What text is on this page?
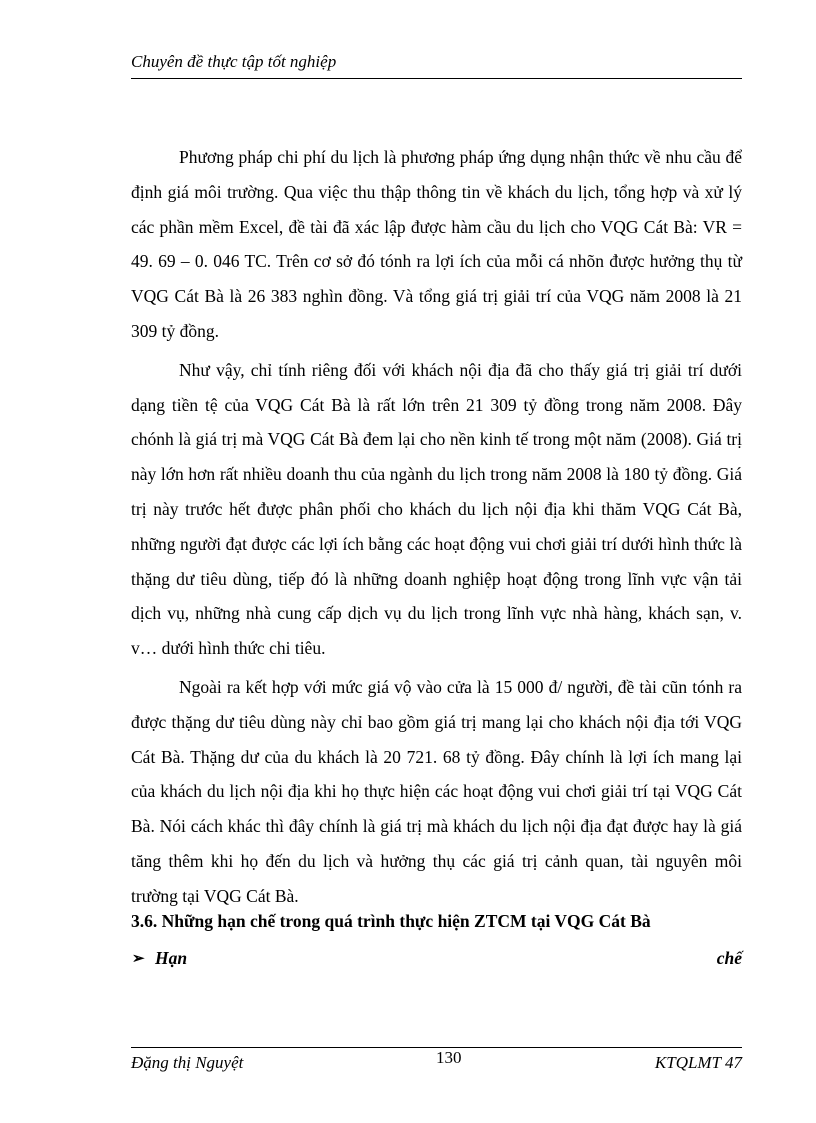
Chuyên đề thực tập tốt nghiệp

Phương pháp chi phí du lịch là phương pháp ứng dụng nhận thức về nhu cầu để định giá môi trường. Qua việc thu thập thông tin về khách du lịch, tổng hợp và xử lý các phần mềm Excel, đề tài đã xác lập được hàm cầu du lịch cho VQG Cát Bà: VR = 49. 69 – 0. 046 TC. Trên cơ sở đó tónh ra lợi ích của mỗi cá nhõn được hưởng thụ từ VQG Cát Bà là 26 383 nghìn đồng. Và tổng giá trị giải trí của VQG năm 2008 là 21 309 tỷ đồng.

Như vậy, chỉ tính riêng đối với khách nội địa đã cho thấy giá trị giải trí dưới dạng tiền tệ của VQG Cát Bà là rất lớn trên 21 309 tỷ đồng trong năm 2008. Đây chónh là giá trị mà VQG Cát Bà đem lại cho nền kinh tế trong một năm (2008). Giá trị này lớn hơn rất nhiều doanh thu của ngành du lịch trong năm 2008 là 180 tỷ đồng. Giá trị này trước hết được phân phối cho khách du lịch nội địa khi thăm VQG Cát Bà, những người đạt được các lợi ích bằng các hoạt động vui chơi giải trí dưới hình thức là thặng dư tiêu dùng, tiếp đó là những doanh nghiệp hoạt động trong lĩnh vực vận tải dịch vụ, những nhà cung cấp dịch vụ du lịch trong lĩnh vực nhà hàng, khách sạn, v. v… dưới hình thức chi tiêu.

Ngoài ra kết hợp với mức giá vộ vào cửa là 15 000 đ/ người, đề tài cũn tónh ra được thặng dư tiêu dùng này chỉ bao gồm giá trị mang lại cho khách nội địa tới VQG Cát Bà. Thặng dư của du khách là 20 721. 68 tỷ đồng. Đây chính là lợi ích mang lại của khách du lịch nội địa khi họ thực hiện các hoạt động vui chơi giải trí tại VQG Cát Bà. Nói cách khác thì đây chính là giá trị mà khách du lịch nội địa đạt được hay là giá tăng thêm khi họ đến du lịch và hưởng thụ các giá trị cảnh quan, tài nguyên môi trường tại VQG Cát Bà.

3.6. Những hạn chế trong quá trình thực hiện ZTCM tại VQG Cát Bà
➢ Hạn	chế
Đặng thị Nguyệt	130	KTQLMT 47
